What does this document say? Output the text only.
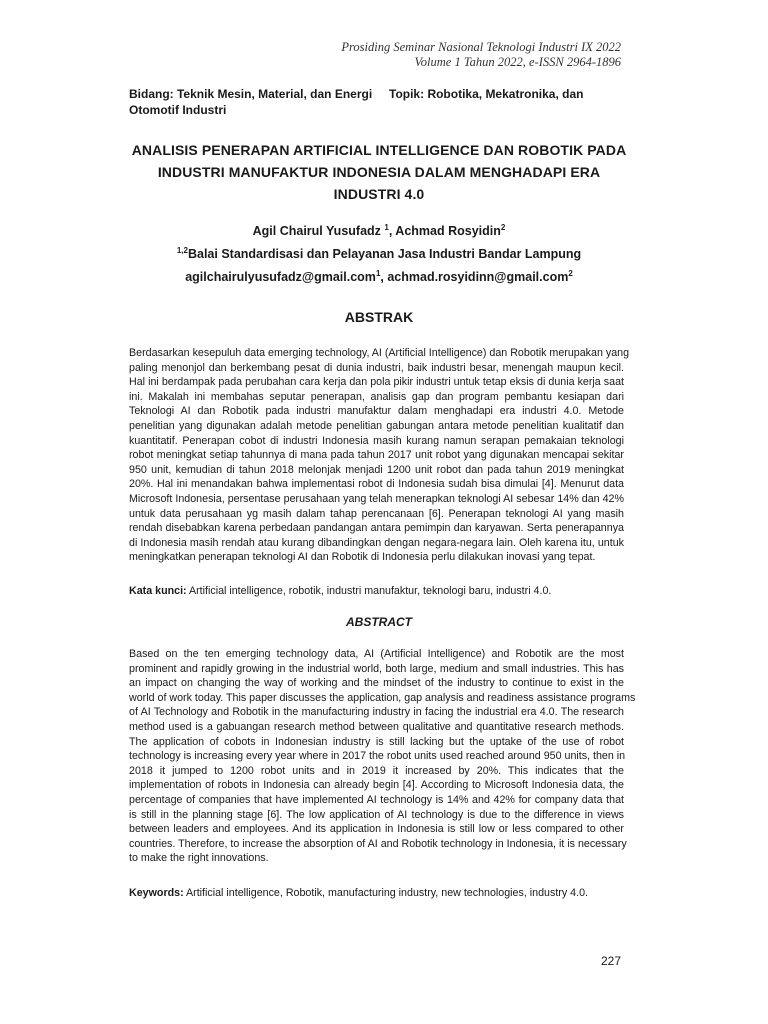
Prosiding Seminar Nasional Teknologi Industri IX 2022
Volume 1 Tahun 2022, e-ISSN 2964-1896
Bidang: Teknik Mesin, Material, dan Energi
Otomotif Industri
Topik: Robotika, Mekatronika, dan
ANALISIS PENERAPAN ARTIFICIAL INTELLIGENCE DAN ROBOTIK PADA
INDUSTRI MANUFAKTUR INDONESIA DALAM MENGHADAPI ERA
INDUSTRI 4.0
Agil Chairul Yusufadz $^1$, Achmad Rosyidin$^2$
$^{1,2}$Balai Standardisasi dan Pelayanan Jasa Industri Bandar Lampung
agilchairulyusufadz@gmail.com$^1$, achmad.rosyidinn@gmail.com$^2$
ABSTRAK
Berdasarkan kesepuluh data emerging technology, AI (Artificial Intelligence) dan Robotik merupakan yang
paling menonjol dan berkembang pesat di dunia industri, baik industri besar, menengah maupun kecil.
Hal ini berdampak pada perubahan cara kerja dan pola pikir industri untuk tetap eksis di dunia kerja saat
ini. Makalah ini membahas seputar penerapan, analisis gap dan program pembantu kesiapan dari
Teknologi AI dan Robotik pada industri manufaktur dalam menghadapi era industri 4.0. Metode
penelitian yang digunakan adalah metode penelitian gabungan antara metode penelitian kualitatif dan
kuantitatif. Penerapan cobot di industri Indonesia masih kurang namun serapan pemakaian teknologi
robot meningkat setiap tahunnya di mana pada tahun 2017 unit robot yang digunakan mencapai sekitar
950 unit, kemudian di tahun 2018 melonjak menjadi 1200 unit robot dan pada tahun 2019 meningkat
20%. Hal ini menandakan bahwa implementasi robot di Indonesia sudah bisa dimulai [4]. Menurut data
Microsoft Indonesia, persentase perusahaan yang telah menerapkan teknologi AI sebesar 14% dan 42%
untuk data perusahaan yg masih dalam tahap perencanaan [6]. Penerapan teknologi AI yang masih
rendah disebabkan karena perbedaan pandangan antara pemimpin dan karyawan. Serta penerapannya
di Indonesia masih rendah atau kurang dibandingkan dengan negara-negara lain. Oleh karena itu, untuk
meningkatkan penerapan teknologi AI dan Robotik di Indonesia perlu dilakukan inovasi yang tepat.
Kata kunci: Artificial intelligence, robotik, industri manufaktur, teknologi baru, industri 4.0.
ABSTRACT
Based on the ten emerging technology data, AI (Artificial Intelligence) and Robotik are the most
prominent and rapidly growing in the industrial world, both large, medium and small industries. This has
an impact on changing the way of working and the mindset of the industry to continue to exist in the
world of work today. This paper discusses the application, gap analysis and readiness assistance programs
of AI Technology and Robotik in the manufacturing industry in facing the industrial era 4.0. The research
method used is a gabuangan research method between qualitative and quantitative research methods.
The application of cobots in Indonesian industry is still lacking but the uptake of the use of robot
technology is increasing every year where in 2017 the robot units used reached around 950 units, then in
2018 it jumped to 1200 robot units and in 2019 it increased by 20%. This indicates that the
implementation of robots in Indonesia can already begin [4]. According to Microsoft Indonesia data, the
percentage of companies that have implemented AI technology is 14% and 42% for company data that
is still in the planning stage [6]. The low application of AI technology is due to the difference in views
between leaders and employees. And its application in Indonesia is still low or less compared to other
countries. Therefore, to increase the absorption of AI and Robotik technology in Indonesia, it is necessary
to make the right innovations.
Keywords: Artificial intelligence, Robotik, manufacturing industry, new technologies, industry 4.0.
227
